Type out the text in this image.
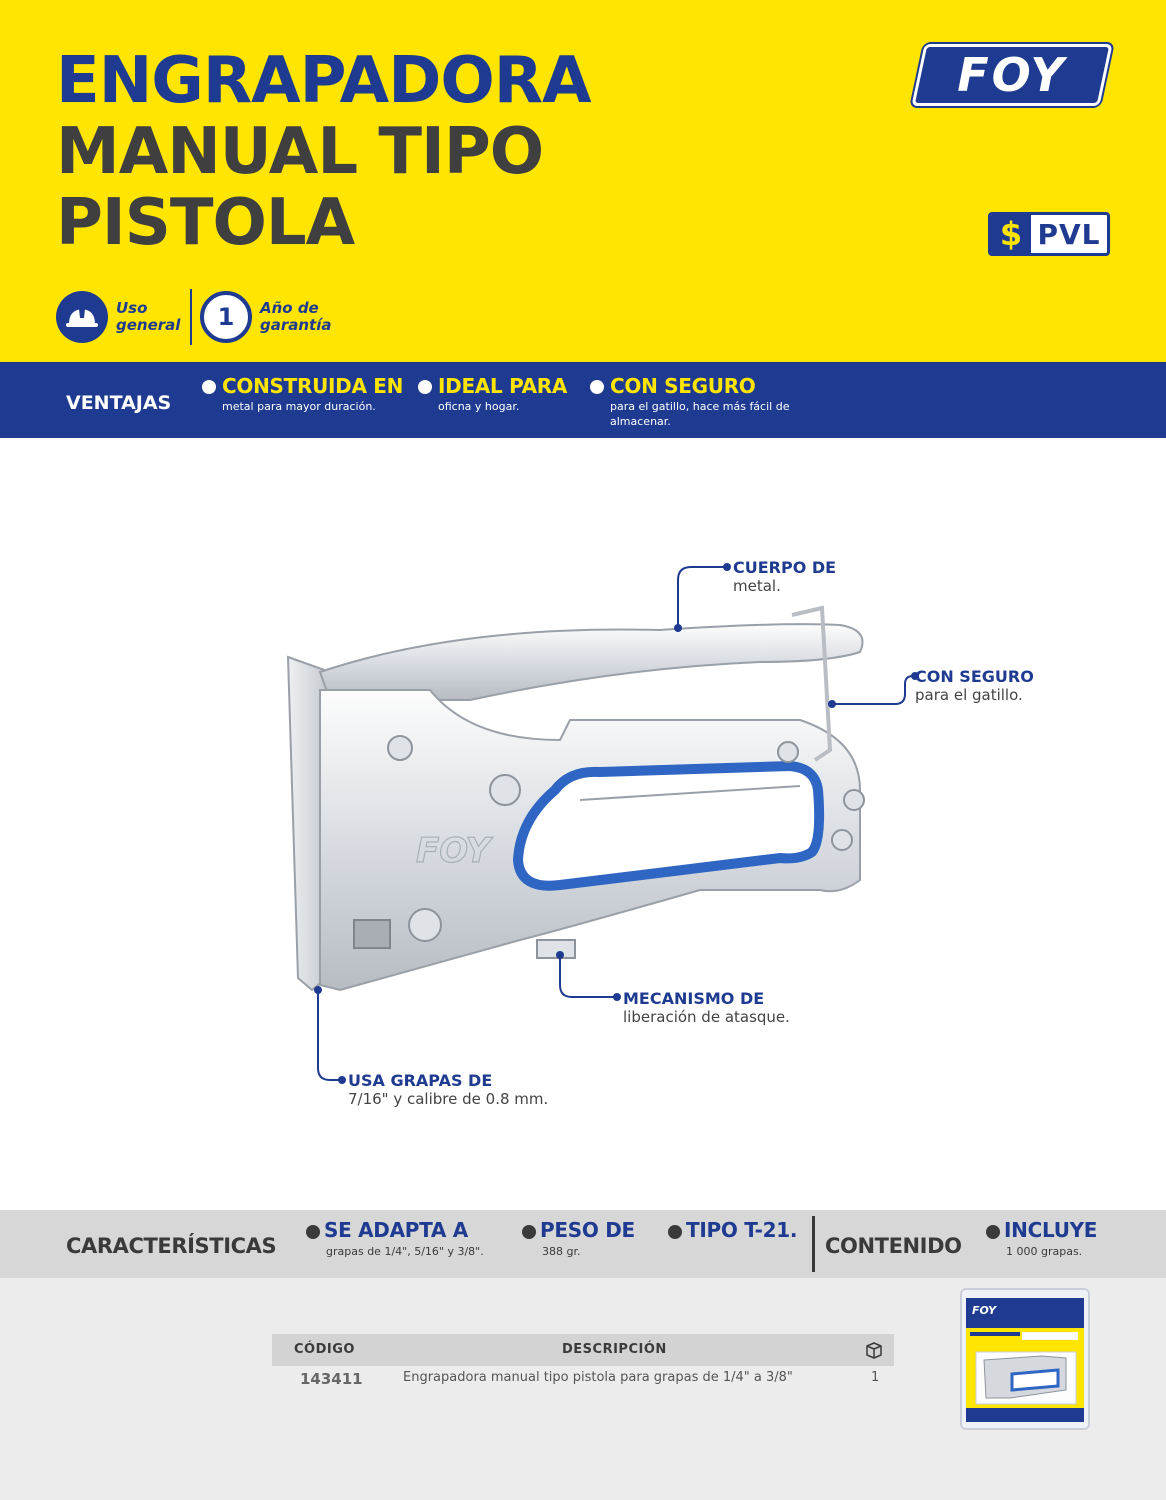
ENGRAPADORA
MANUAL TIPO
PISTOLA
FOY
$ PVL
Uso general 1 Año de garantía
VENTAJAS
CONSTRUIDA EN
metal para mayor duración.
IDEAL PARA
oficna y hogar.
CON SEGURO
para el gatillo, hace más fácil de almacenar.
FOY
CUERPO DE
metal.
CON SEGURO
para el gatillo.
MECANISMO DE
liberación de atasque.
USA GRAPAS DE
7/16" y calibre de 0.8 mm.
CARACTERÍSTICAS
SE ADAPTA A
grapas de 1/4", 5/16" y 3/8".
PESO DE
388 gr.
TIPO T-21.
CONTENIDO
INCLUYE
1 000 grapas.
CÓDIGO	DESCRIPCIÓN
143411	Engrapadora manual tipo pistola para grapas de 1/4" a 3/8"	1
FOY
